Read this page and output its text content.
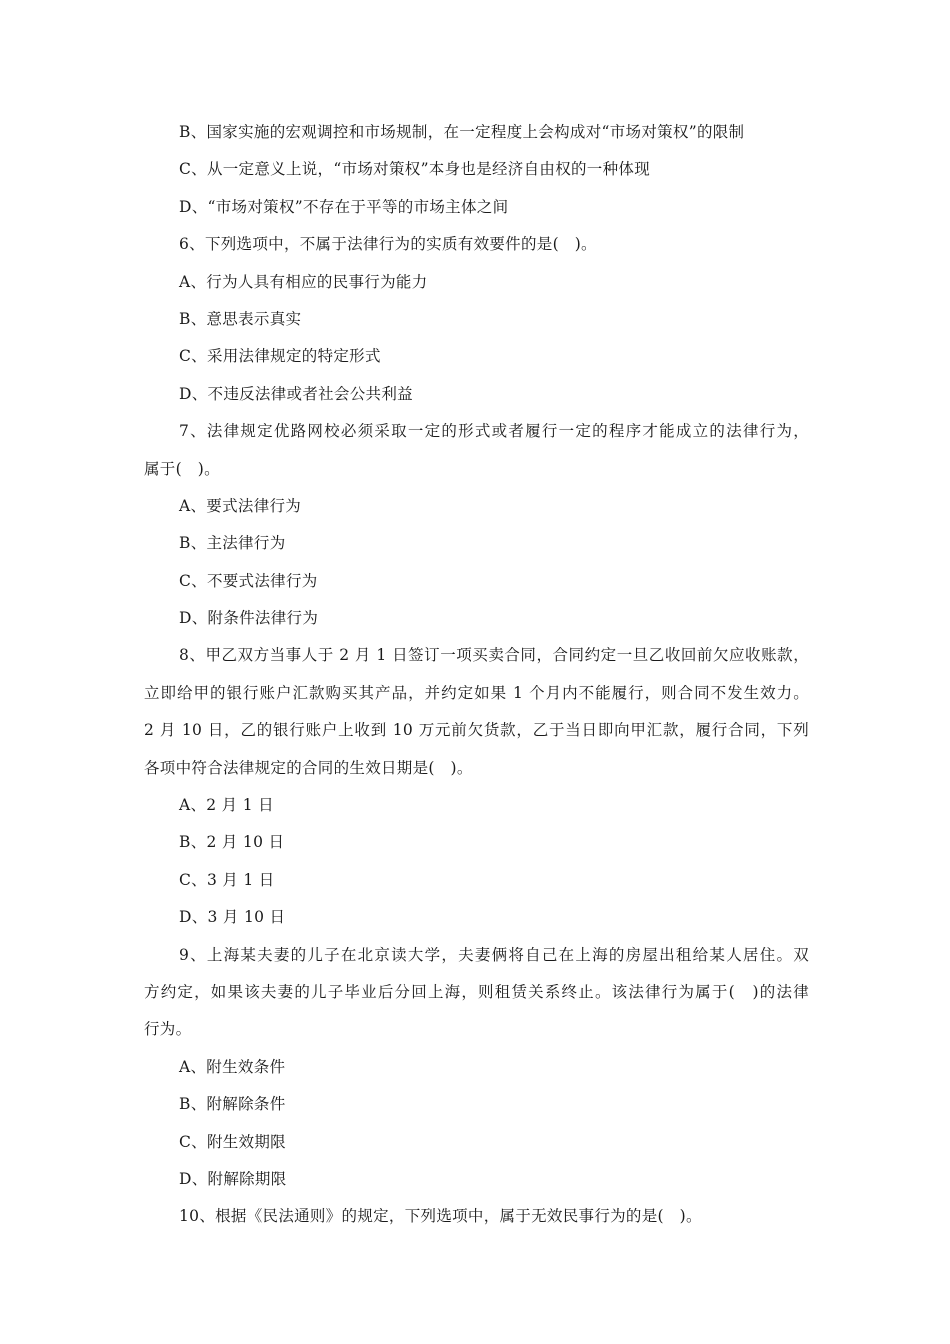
B、国家实施的宏观调控和市场规制，在一定程度上会构成对“市场对策权”的限制
C、从一定意义上说，“市场对策权”本身也是经济自由权的一种体现
D、“市场对策权”不存在于平等的市场主体之间
6、下列选项中，不属于法律行为的实质有效要件的是(　)。
A、行为人具有相应的民事行为能力
B、意思表示真实
C、采用法律规定的特定形式
D、不违反法律或者社会公共利益
7、法律规定优路网校必须采取一定的形式或者履行一定的程序才能成立的法律行为，
属于(　)。
A、要式法律行为
B、主法律行为
C、不要式法律行为
D、附条件法律行为
8、甲乙双方当事人于 2 月 1 日签订一项买卖合同，合同约定一旦乙收回前欠应收账款，
立即给甲的银行账户汇款购买其产品，并约定如果 1 个月内不能履行，则合同不发生效力。
2 月 10 日，乙的银行账户上收到 10 万元前欠货款，乙于当日即向甲汇款，履行合同，下列
各项中符合法律规定的合同的生效日期是(　)。
A、2 月 1 日
B、2 月 10 日
C、3 月 1 日
D、3 月 10 日
9、上海某夫妻的儿子在北京读大学，夫妻俩将自己在上海的房屋出租给某人居住。双
方约定，如果该夫妻的儿子毕业后分回上海，则租赁关系终止。该法律行为属于(　)的法律
行为。
A、附生效条件
B、附解除条件
C、附生效期限
D、附解除期限
10、根据《民法通则》的规定，下列选项中，属于无效民事行为的是(　)。
